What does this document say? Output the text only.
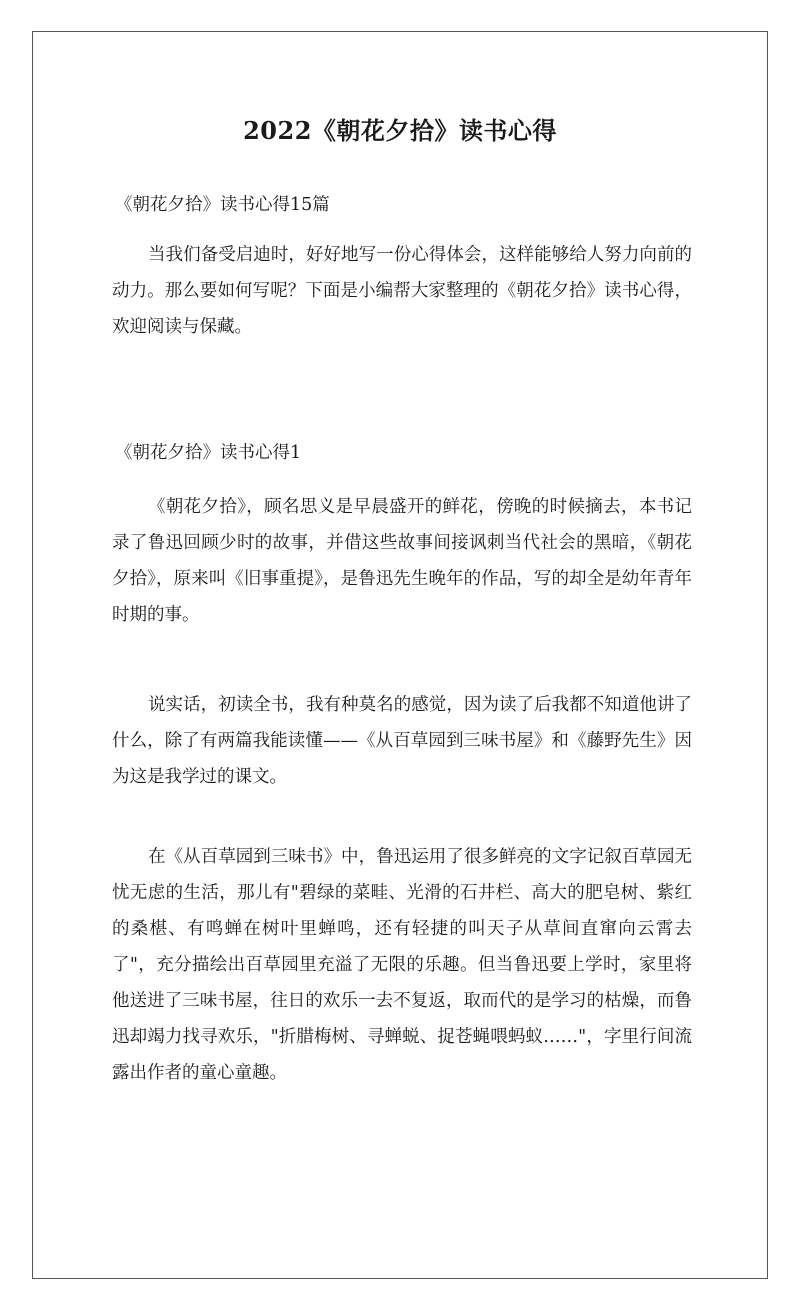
2022《朝花夕拾》读书心得

《朝花夕拾》读书心得15篇

当我们备受启迪时，好好地写一份心得体会，这样能够给人努力向前的动力。那么要如何写呢？下面是小编帮大家整理的《朝花夕拾》读书心得，欢迎阅读与保藏。

《朝花夕拾》读书心得1

《朝花夕拾》，顾名思义是早晨盛开的鲜花，傍晚的时候摘去，本书记录了鲁迅回顾少时的故事，并借这些故事间接讽刺当代社会的黑暗，《朝花夕拾》，原来叫《旧事重提》，是鲁迅先生晚年的作品，写的却全是幼年青年时期的事。

说实话，初读全书，我有种莫名的感觉，因为读了后我都不知道他讲了什么，除了有两篇我能读懂——《从百草园到三味书屋》和《藤野先生》因为这是我学过的课文。

在《从百草园到三味书》中，鲁迅运用了很多鲜亮的文字记叙百草园无忧无虑的生活，那儿有"碧绿的菜畦、光滑的石井栏、高大的肥皂树、紫红的桑椹、有鸣蝉在树叶里蝉鸣，还有轻捷的叫天子从草间直窜向云霄去了"，充分描绘出百草园里充溢了无限的乐趣。但当鲁迅要上学时，家里将他送进了三味书屋，往日的欢乐一去不复返，取而代的是学习的枯燥，而鲁迅却竭力找寻欢乐，"折腊梅树、寻蝉蜕、捉苍蝇喂蚂蚁……"，字里行间流露出作者的童心童趣。
